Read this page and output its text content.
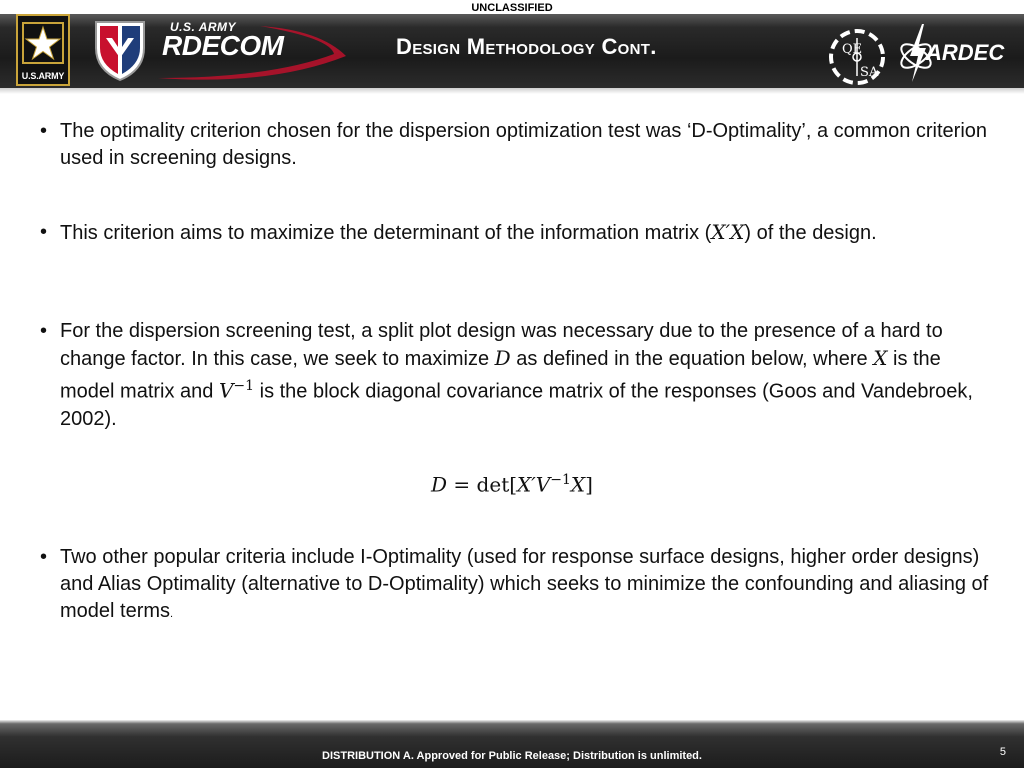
UNCLASSIFIED
U.S.ARMY
U.S. ARMY
RDECOM	Design Methodology Cont.	QE
SA
ARDEC
• The optimality criterion chosen for the dispersion optimization test was ‘D-Optimality’, a common criterion used in screening designs.
• This criterion aims to maximize the determinant of the information matrix (X′X) of the design.
• For the dispersion screening test, a split plot design was necessary due to the presence of a hard to change factor. In this case, we seek to maximize D as defined in the equation below, where X is the model matrix and $V^{-1}$ is the block diagonal covariance matrix of the responses (Goos and Vandebroek, 2002).
• Two other popular criteria include I-Optimality (used for response surface designs, higher order designs) and Alias Optimality (alternative to D-Optimality) which seeks to minimize the confounding and aliasing of model terms.
$D = \det[X'V^{-1}X]$
DISTRIBUTION A. Approved for Public Release; Distribution is unlimited.	5
